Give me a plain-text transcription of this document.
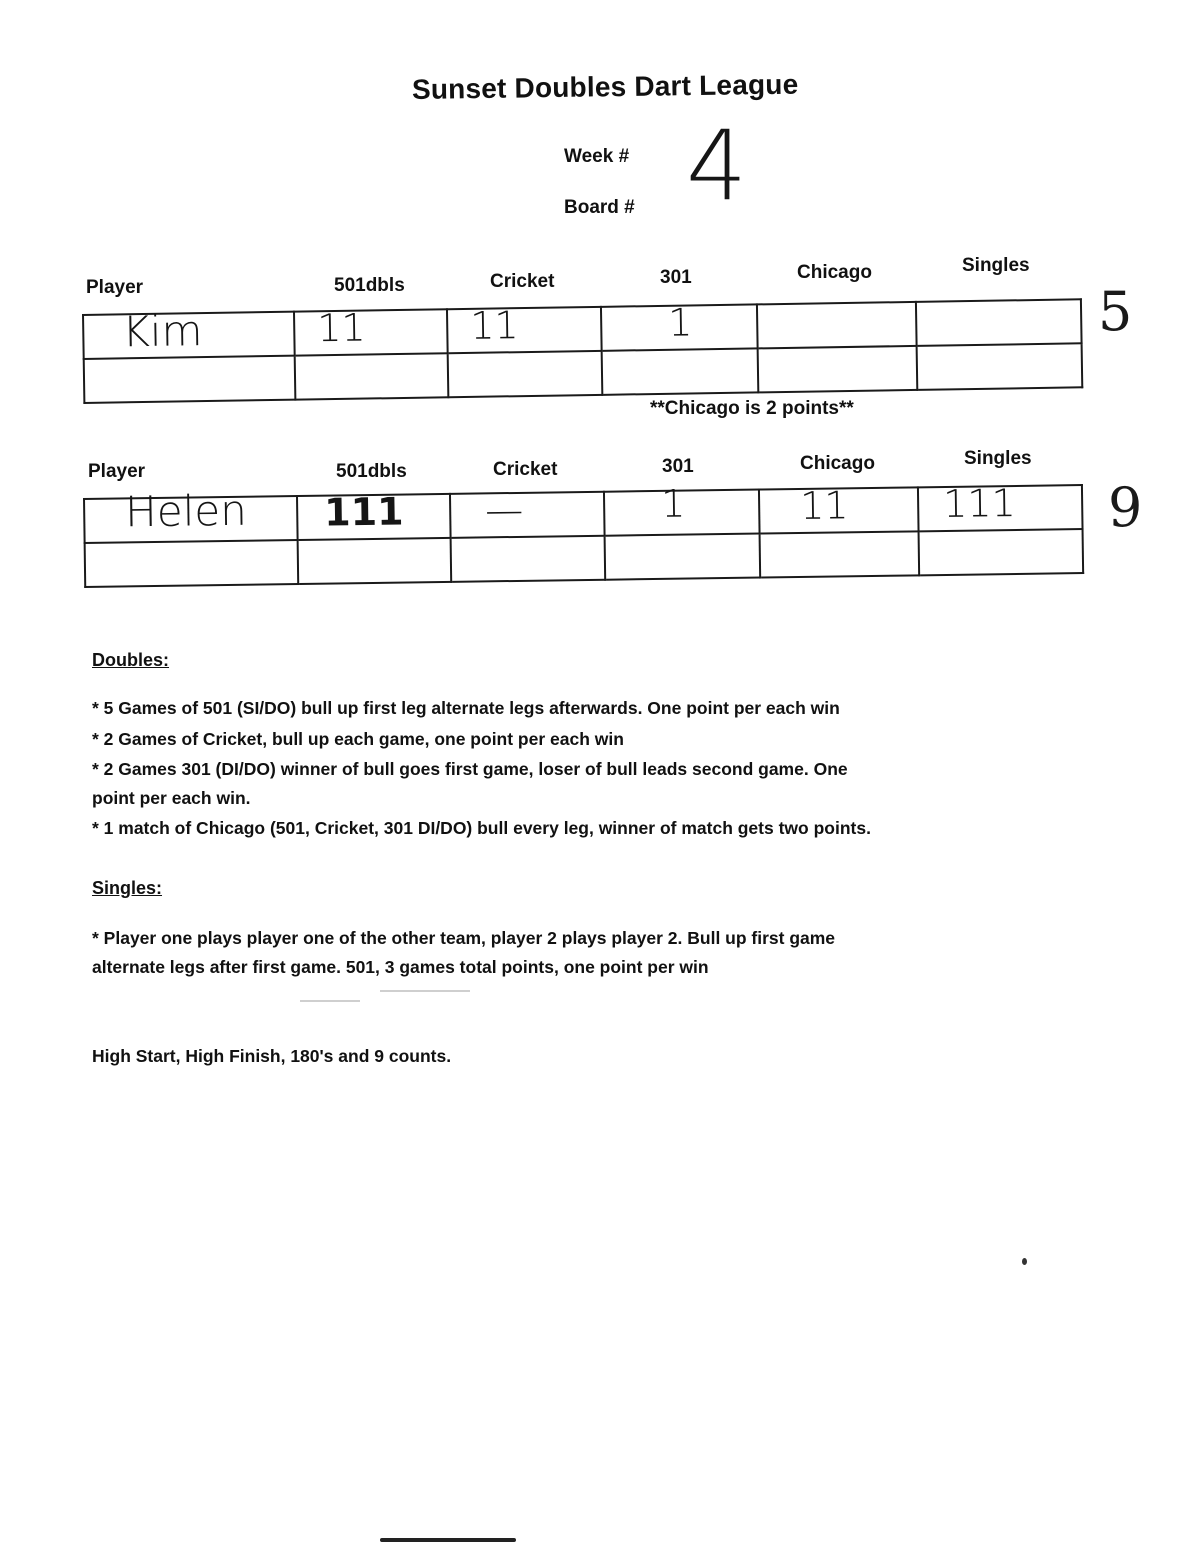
Sunset Doubles Dart League
Week #
Board # 4
Player	501dbls	Cricket	301	Chicago	Singles
Kim	11	11	1		

						5
**Chicago is 2 points**
Player	501dbls	Cricket	301	Chicago	Singles
Helen	111	—	1	11	111

					9
Doubles:
* 5 Games of 501 (SI/DO) bull up first leg alternate legs afterwards. One point per each win
* 2 Games of Cricket, bull up each game, one point per each win
* 2 Games 301 (DI/DO) winner of bull goes first game, loser of bull leads second game. One point per each win.
* 1 match of Chicago (501, Cricket, 301 DI/DO) bull every leg, winner of match gets two points.
Singles:
* Player one plays player one of the other team, player 2 plays player 2. Bull up first game alternate legs after first game. 501, 3 games total points, one point per win
High Start, High Finish, 180's and 9 counts.
